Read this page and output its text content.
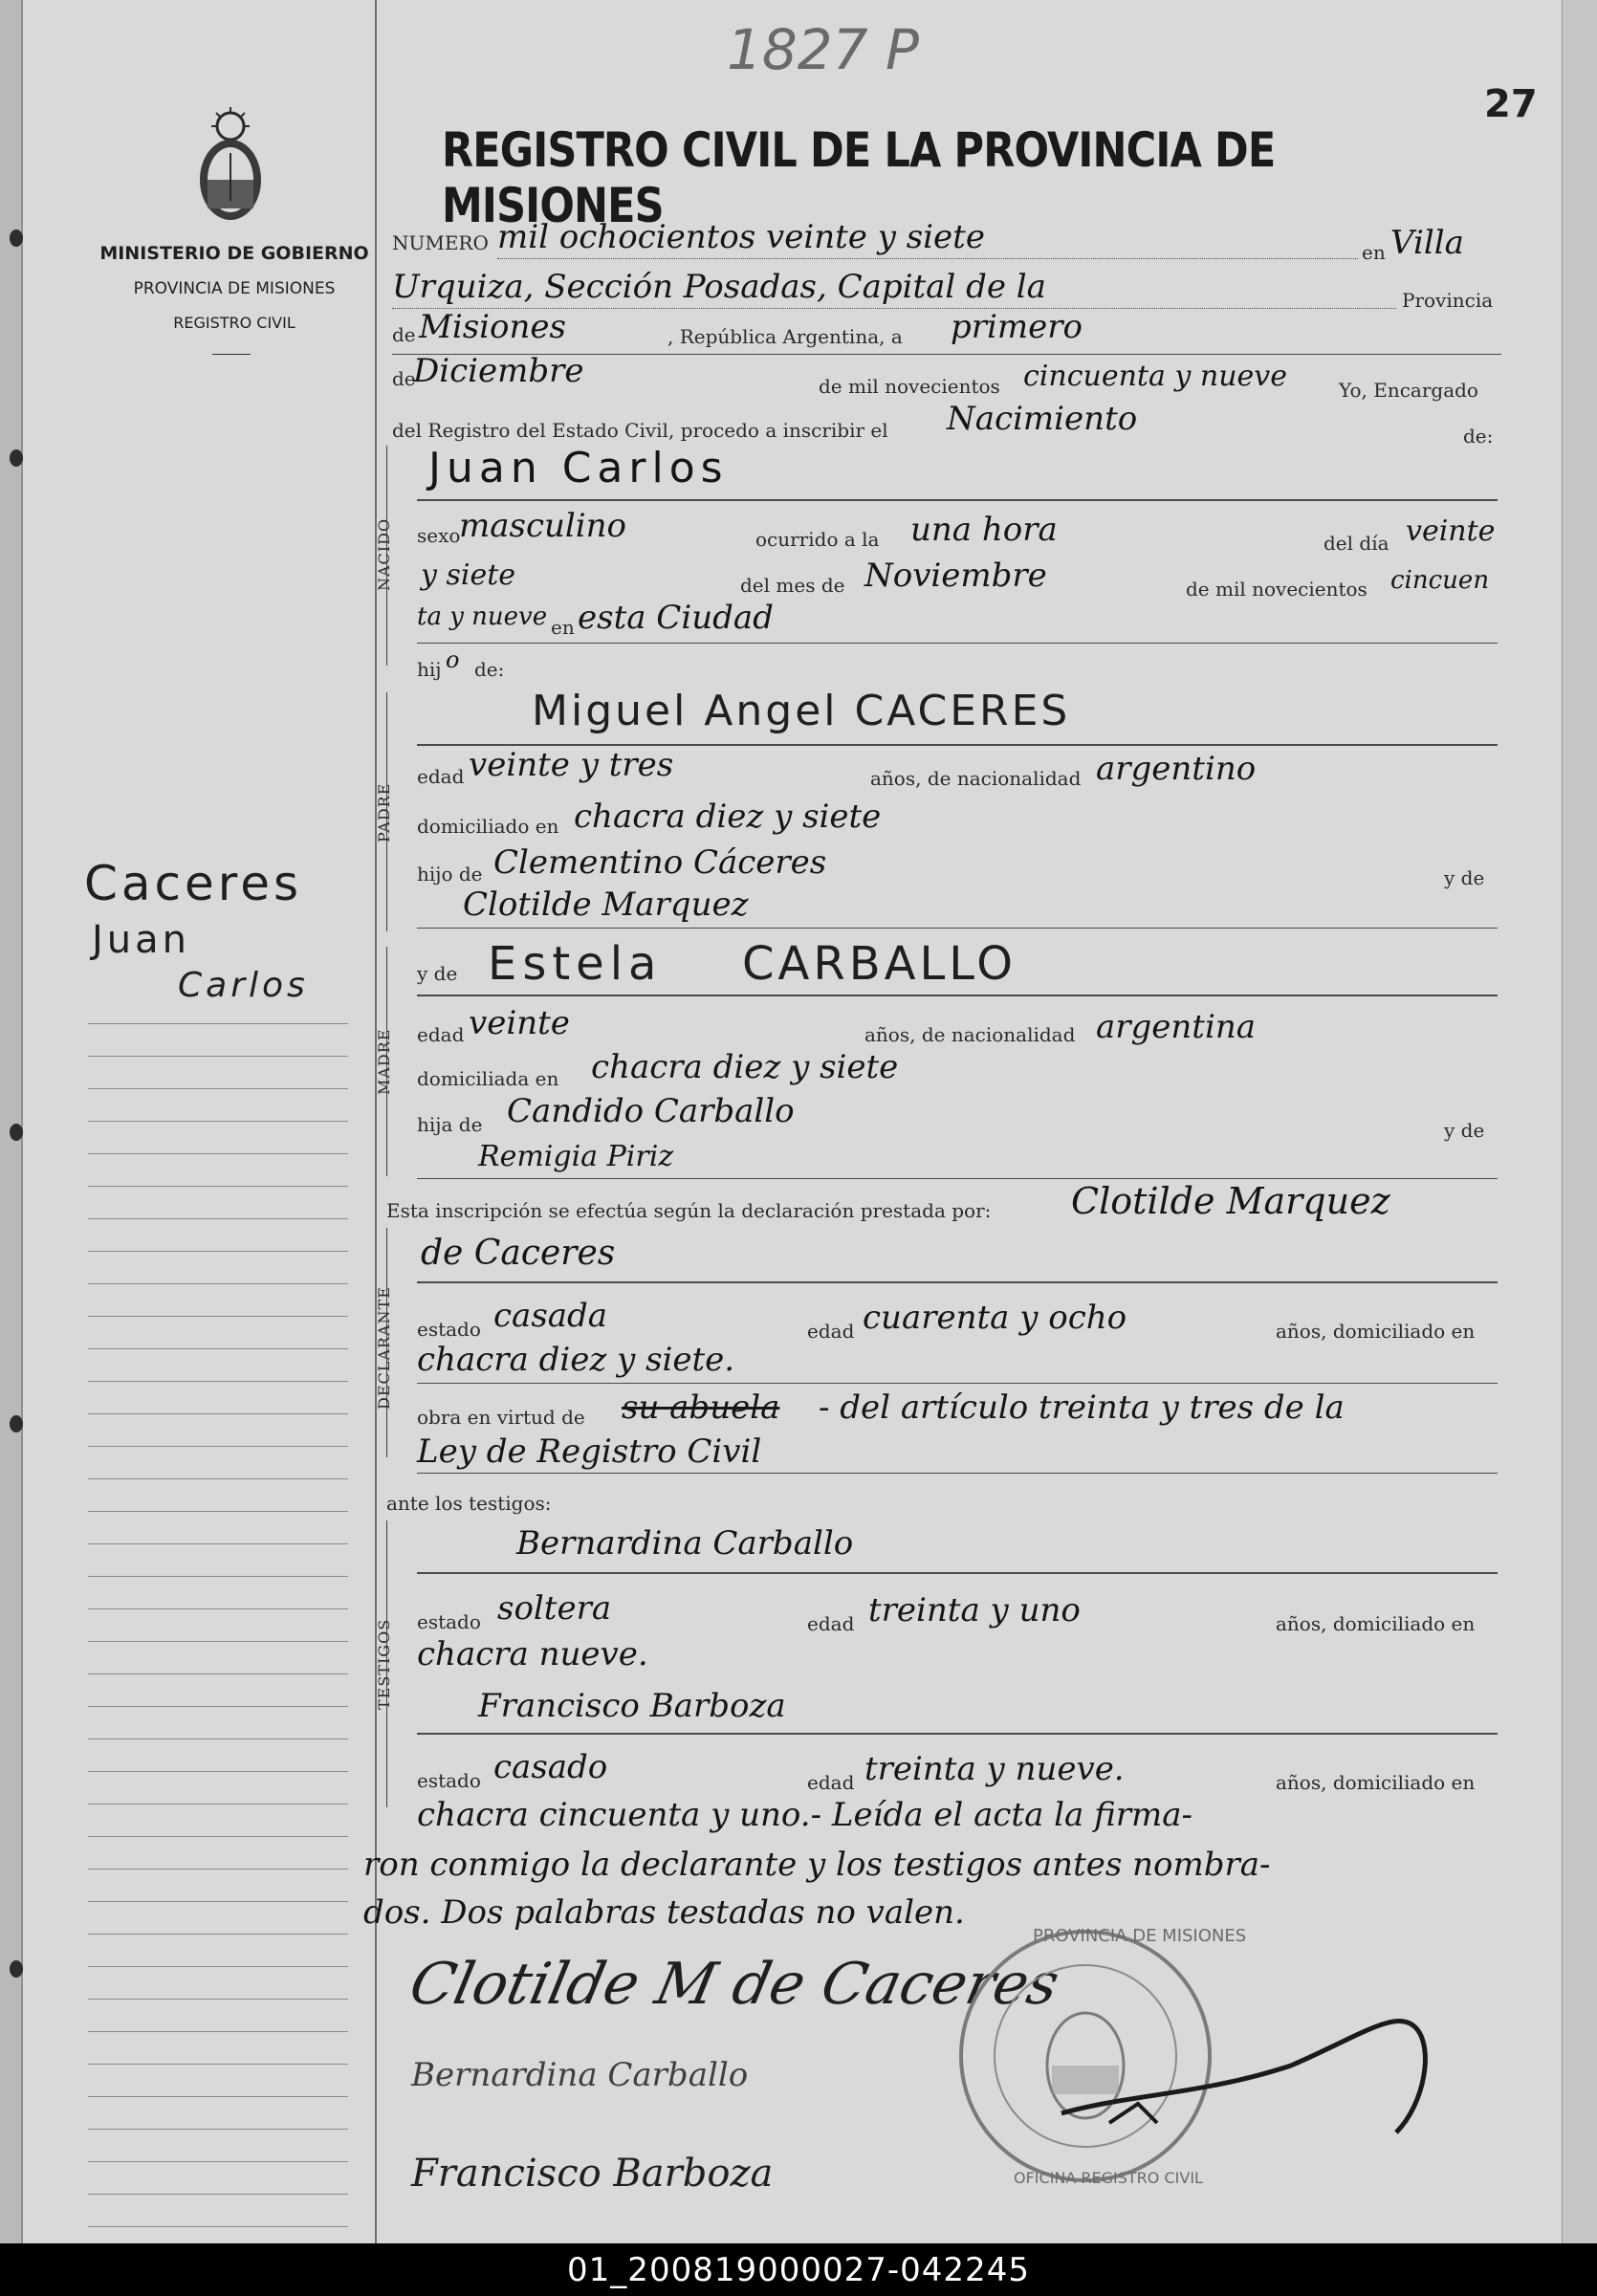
1827 P
27
MINISTERIO DE GOBIERNO
PROVINCIA DE MISIONES
REGISTRO CIVIL
Caceres
Juan
Carlos
REGISTRO CIVIL DE LA PROVINCIA DE MISIONES
NUMERO mil ochocientos veinte y siete	en Villa
Urquiza, Sección Posadas, Capital de la	Provincia
de Misiones	, República Argentina, a primero
de
Diciembre	de mil novecientos cincuenta y nueve	Yo, Encargado
del Registro del Estado Civil, procedo a inscribir el Nacimiento	de:
NACIDO
Juan Carlos
sexo
masculino	ocurrido a la una hora	del día veinte
y siete	del mes de Noviembre	de mil novecientos cincuen
ta y nueve en esta Ciudad
hij o de:
PADRE
Miguel Angel CACERES
edad veinte y tres	años, de nacionalidad argentino
domiciliado en chacra diez y siete
hijo de Clementino Cáceres	y de
Clotilde Marquez
MADRE
y de Estela CARBALLO
edad veinte	años, de nacionalidad argentina
domiciliada en chacra diez y siete
hija de Candido Carballo	y de
Remigia Piriz
Esta inscripción se efectúa según la declaración prestada por: Clotilde Marquez
DECLARANTE
de Caceres
estado casada	edad cuarenta y ocho	años, domiciliado en
chacra diez y siete.
obra en virtud de su abuela - del artículo treinta y tres de la
Ley de Registro Civil
ante los testigos:
TESTIGOS
Bernardina Carballo
estado soltera	edad treinta y uno	años, domiciliado en
chacra nueve.
Francisco Barboza
estado casado	edad treinta y nueve.	años, domiciliado en
chacra cincuenta y uno.- Leída el acta la firma-
ron conmigo la declarante y los testigos antes nombra-
dos. Dos palabras testadas no valen.
Clotilde M de Caceres
Bernardina Carballo
Francisco Barboza
PROVINCIA DE MISIONES
OFICINA REGISTRO CIVIL
01_200819000027-042245
